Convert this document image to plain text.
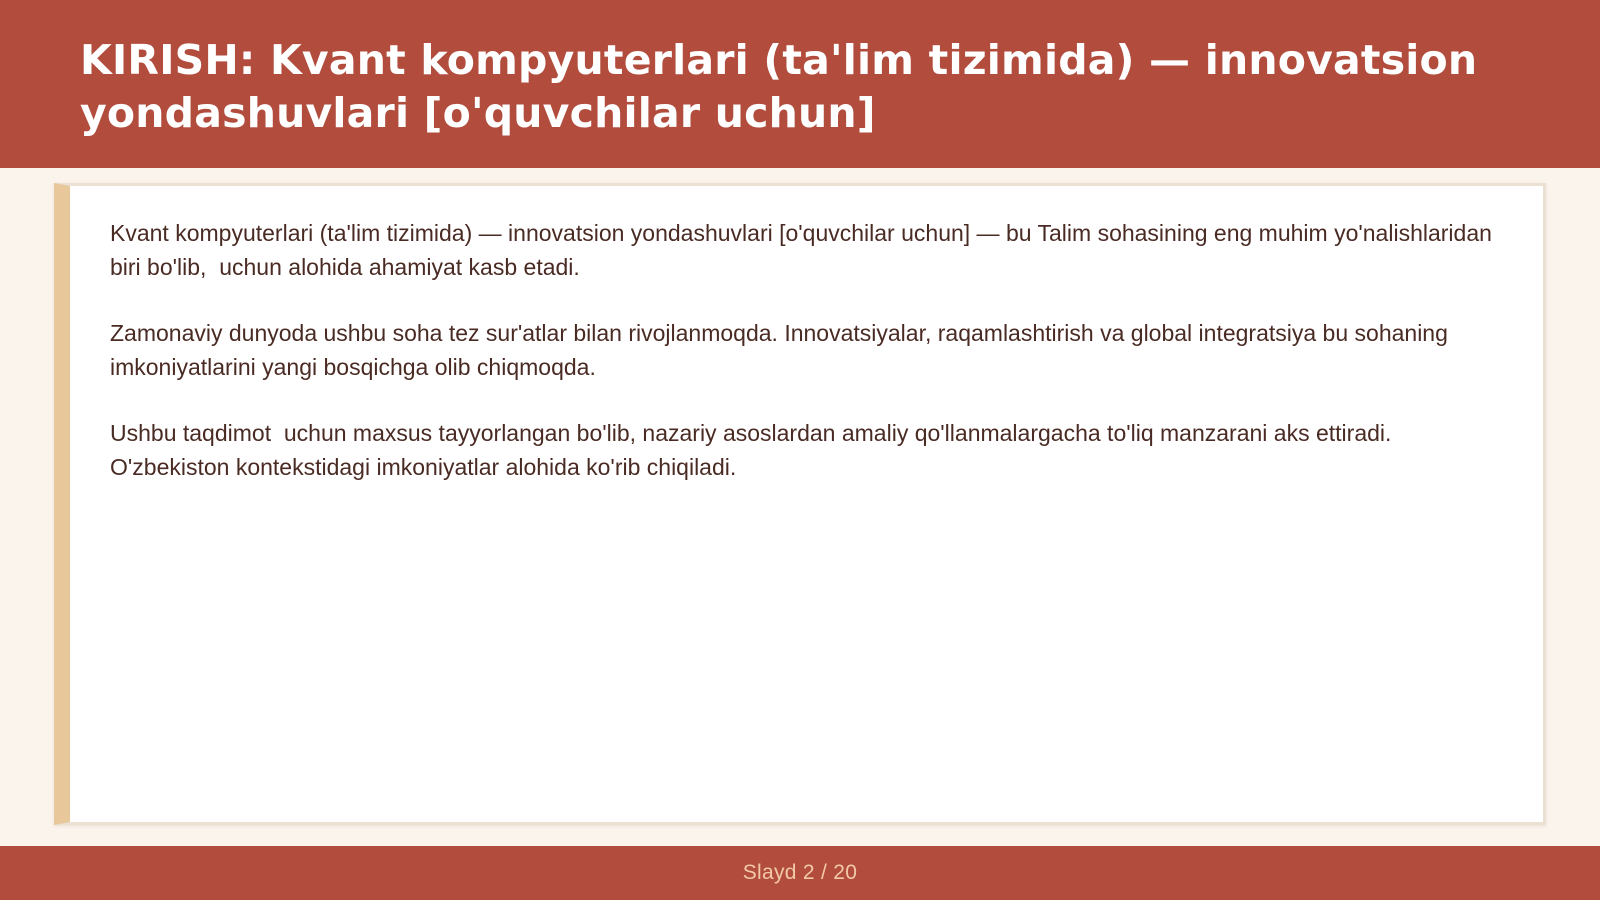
KIRISH: Kvant kompyuterlari (ta'lim tizimida) — innovatsion yondashuvlari [o'quvchilar uchun]

Kvant kompyuterlari (ta'lim tizimida) — innovatsion yondashuvlari [o'quvchilar uchun] — bu Talim sohasining eng muhim yo'nalishlaridan biri bo'lib,  uchun alohida ahamiyat kasb etadi.

Zamonaviy dunyoda ushbu soha tez sur'atlar bilan rivojlanmoqda. Innovatsiyalar, raqamlashtirish va global integratsiya bu sohaning imkoniyatlarini yangi bosqichga olib chiqmoqda.

Ushbu taqdimot  uchun maxsus tayyorlangan bo'lib, nazariy asoslardan amaliy qo'llanmalargacha to'liq manzarani aks ettiradi. O'zbekiston kontekstidagi imkoniyatlar alohida ko'rib chiqiladi.

Slayd 2 / 20
